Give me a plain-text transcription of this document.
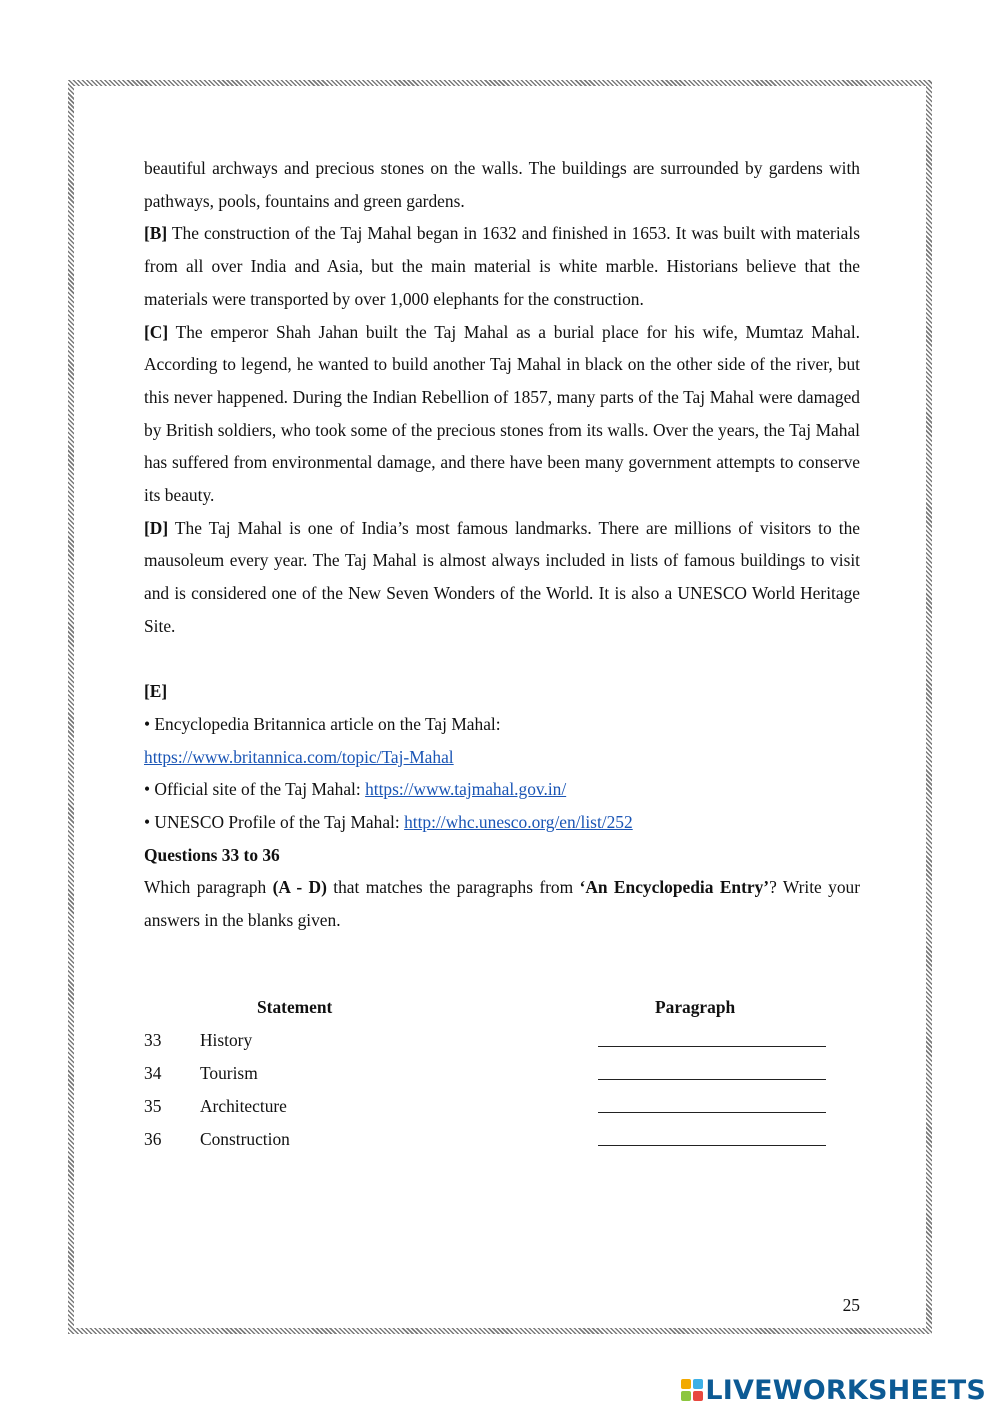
beautiful archways and precious stones on the walls. The buildings are surrounded by gardens with pathways, pools, fountains and green gardens.

[B] The construction of the Taj Mahal began in 1632 and finished in 1653. It was built with materials from all over India and Asia, but the main material is white marble. Historians believe that the materials were transported by over 1,000 elephants for the construction.

[C] The emperor Shah Jahan built the Taj Mahal as a burial place for his wife, Mumtaz Mahal. According to legend, he wanted to build another Taj Mahal in black on the other side of the river, but this never happened. During the Indian Rebellion of 1857, many parts of the Taj Mahal were damaged by British soldiers, who took some of the precious stones from its walls. Over the years, the Taj Mahal has suffered from environmental damage, and there have been many government attempts to conserve its beauty.

[D] The Taj Mahal is one of India’s most famous landmarks. There are millions of visitors to the mausoleum every year. The Taj Mahal is almost always included in lists of famous buildings to visit and is considered one of the New Seven Wonders of the World. It is also a UNESCO World Heritage Site.

[E]

• Encyclopedia Britannica article on the Taj Mahal:

https://www.britannica.com/topic/Taj-Mahal

• Official site of the Taj Mahal: https://www.tajmahal.gov.in/

• UNESCO Profile of the Taj Mahal: http://whc.unesco.org/en/list/252

Questions 33 to 36

Which paragraph (A - D) that matches the paragraphs from ‘An Encyclopedia Entry’? Write your answers in the blanks given.

Statement	Paragraph
33 History
34 Tourism
35 Architecture
36 Construction
25
LIVEWORKSHEETS
